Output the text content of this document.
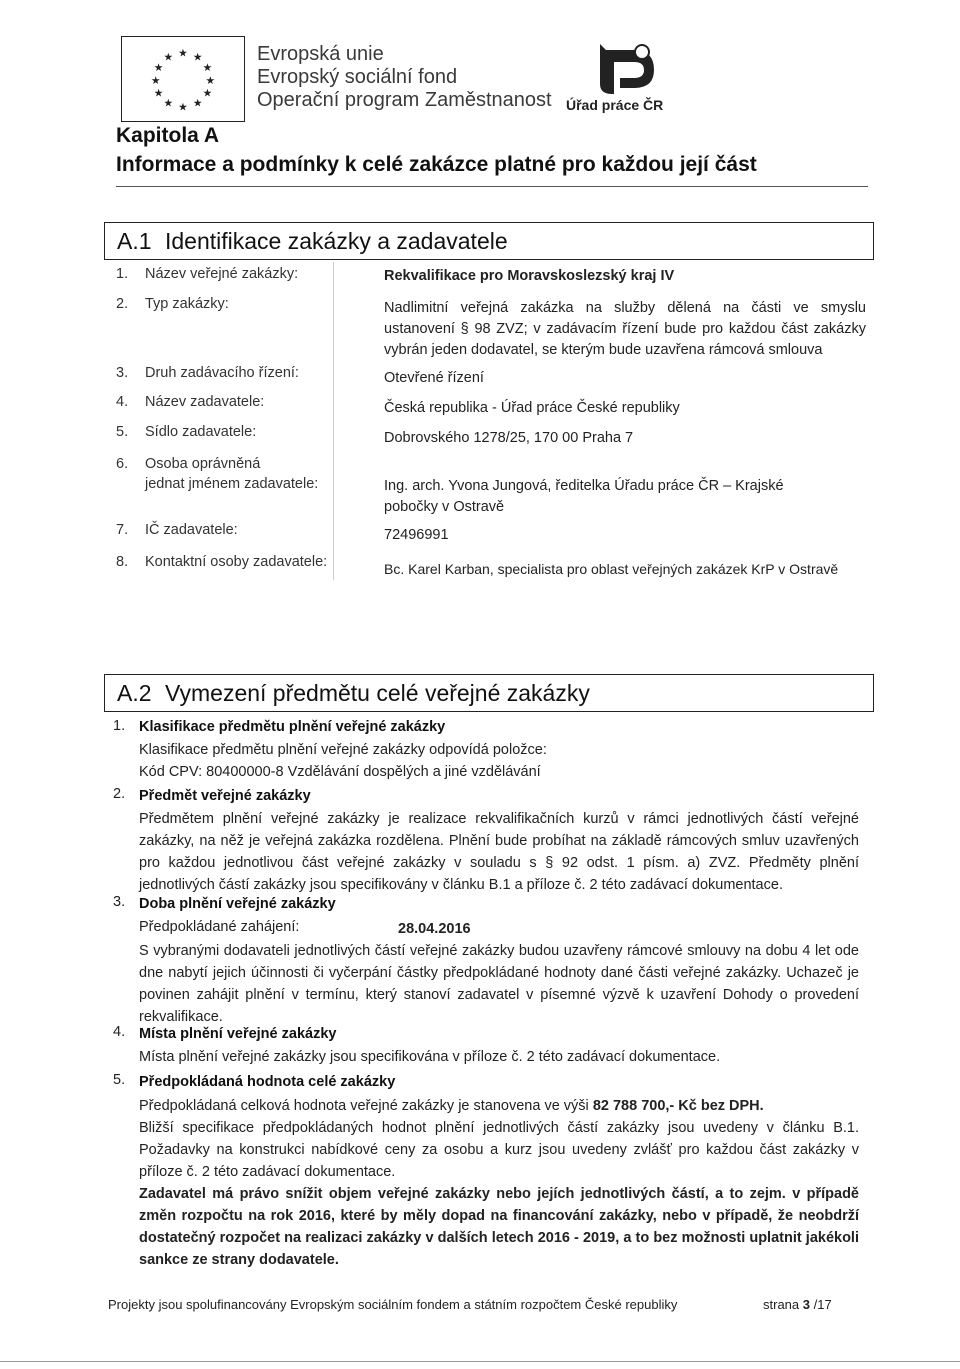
★ ★
★
★
★
★
★
★
★
★
★
★	Evropská unie
Evropský sociální fond
Operační program Zaměstnanost Úřad práce ČR
Kapitola A
Informace a podmínky k celé zakázce platné pro každou její část
A.1 Identifikace zakázky a zadavatele
1. Název veřejné zakázky:	Rekvalifikace pro Moravskoslezský kraj IV
2. Typ zakázky:	Nadlimitní veřejná zakázka na služby dělená na části ve smyslu ustanovení § 98 ZVZ; v zadávacím řízení bude pro každou část zakázky vybrán jeden dodavatel, se kterým bude uzavřena rámcová smlouva
3. Druh zadávacího řízení:	Otevřené řízení
4. Název zadavatele:	Česká republika - Úřad práce České republiky
5. Sídlo zadavatele:	Dobrovského 1278/25, 170 00 Praha 7
6. Osoba oprávněná
jednat jménem zadavatele:	Ing. arch. Yvona Jungová, ředitelka Úřadu práce ČR – Krajské pobočky v Ostravě
7. IČ zadavatele:	72496991
8. Kontaktní osoby zadavatele:	Bc. Karel Karban, specialista pro oblast veřejných zakázek KrP v Ostravě
A.2 Vymezení předmětu celé veřejné zakázky
1. Klasifikace předmětu plnění veřejné zakázky
Klasifikace předmětu plnění veřejné zakázky odpovídá položce:
Kód CPV: 80400000-8 Vzdělávání dospělých a jiné vzdělávání
2. Předmět veřejné zakázky
Předmětem plnění veřejné zakázky je realizace rekvalifikačních kurzů v rámci jednotlivých částí veřejné zakázky, na něž je veřejná zakázka rozdělena. Plnění bude probíhat na základě rámcových smluv uzavřených pro každou jednotlivou část veřejné zakázky v souladu s § 92 odst. 1 písm. a) ZVZ. Předměty plnění jednotlivých částí zakázky jsou specifikovány v článku B.1 a příloze č. 2 této zadávací dokumentace.
3. Doba plnění veřejné zakázky
Předpokládané zahájení:	28.04.2016
S vybranými dodavateli jednotlivých částí veřejné zakázky budou uzavřeny rámcové smlouvy na dobu 4 let ode dne nabytí jejich účinnosti či vyčerpání částky předpokládané hodnoty dané části veřejné zakázky. Uchazeč je povinen zahájit plnění v termínu, který stanoví zadavatel v písemné výzvě k uzavření Dohody o provedení rekvalifikace.
4. Místa plnění veřejné zakázky
Místa plnění veřejné zakázky jsou specifikována v příloze č. 2 této zadávací dokumentace.
5. Předpokládaná hodnota celé zakázky
Předpokládaná celková hodnota veřejné zakázky je stanovena ve výši 82 788 700,- Kč bez DPH.
Bližší specifikace předpokládaných hodnot plnění jednotlivých částí zakázky jsou uvedeny v článku B.1. Požadavky na konstrukci nabídkové ceny za osobu a kurz jsou uvedeny zvlášť pro každou část zakázky v příloze č. 2 této zadávací dokumentace.
Zadavatel má právo snížit objem veřejné zakázky nebo jejích jednotlivých částí, a to zejm. v případě změn rozpočtu na rok 2016, které by měly dopad na financování zakázky, nebo v případě, že neobdrží dostatečný rozpočet na realizaci zakázky v dalších letech 2016 - 2019, a to bez možnosti uplatnit jakékoli sankce ze strany dodavatele.
Projekty jsou spolufinancovány Evropským sociálním fondem a státním rozpočtem České republiky	strana 3 /17
